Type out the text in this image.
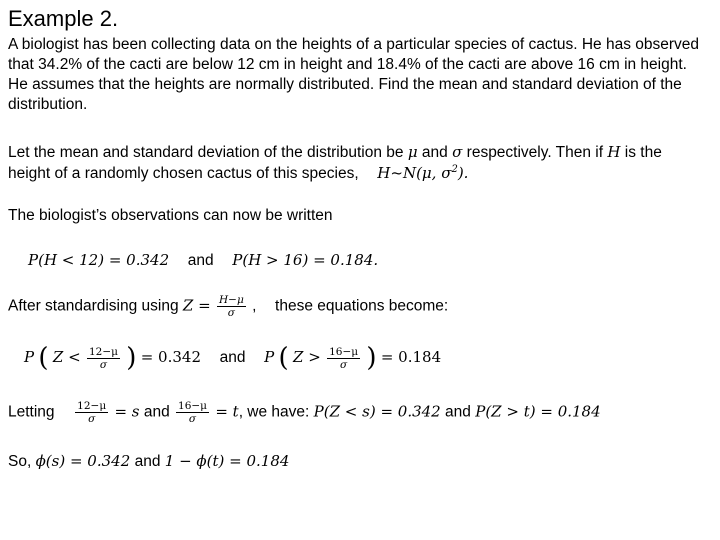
Example 2.
A biologist has been collecting data on the heights of a particular species of cactus. He has observed that 34.2% of the cacti are below 12 cm in height and 18.4% of the cacti are above 16 cm in height. He assumes that the heights are normally distributed. Find the mean and standard deviation of the distribution.
Let the mean and standard deviation of the distribution be μ and σ respectively. Then if H is the
height of a randomly chosen cactus of this species, H~N(μ, $\sigma^2$).
The biologist’s observations can now be written
P(H < 12) = 0.342 and P(H > 16) = 0.184.
After standardising using $Z = \frac{H-\mu}{\sigma}$ , these equations become:
P ( $Z < \frac{12-\mu}{\sigma}$ ) = 0.342 and P ( $Z > \frac{16-\mu}{\sigma}$ ) = 0.184
Letting $\frac{12-\mu}{\sigma} = s$ and $\frac{16-\mu}{\sigma} = t$, we have: P(Z < s) = 0.342 and P(Z > t) = 0.184
So, ϕ(s) = 0.342 and 1 − ϕ(t) = 0.184
